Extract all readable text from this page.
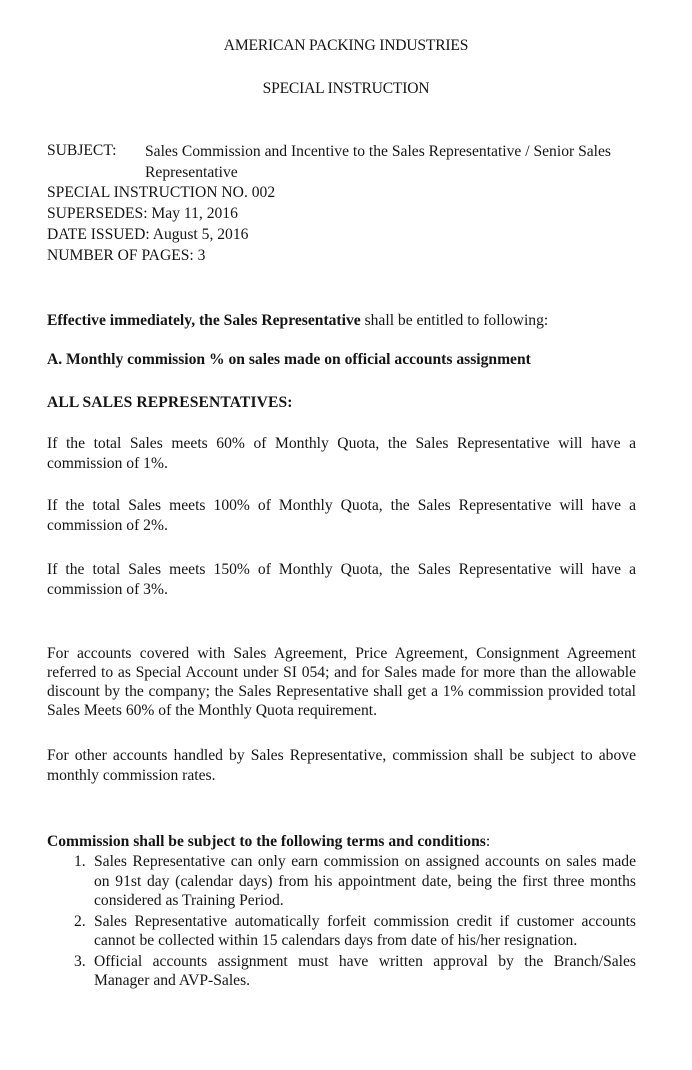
AMERICAN PACKING INDUSTRIES
SPECIAL INSTRUCTION
SUBJECT:	Sales Commission and Incentive to the Sales Representative / Senior Sales Representative
SPECIAL INSTRUCTION NO. 002
SUPERSEDES: May 11, 2016
DATE ISSUED: August 5, 2016
NUMBER OF PAGES: 3
Effective immediately, the Sales Representative shall be entitled to following:
A. Monthly commission % on sales made on official accounts assignment
ALL SALES REPRESENTATIVES:
If the total Sales meets 60% of Monthly Quota, the Sales Representative will have a commission of 1%.
If the total Sales meets 100% of Monthly Quota, the Sales Representative will have a commission of 2%.
If the total Sales meets 150% of Monthly Quota, the Sales Representative will have a commission of 3%.
For accounts covered with Sales Agreement, Price Agreement, Consignment Agreement referred to as Special Account under SI 054; and for Sales made for more than the allowable discount by the company; the Sales Representative shall get a 1% commission provided total Sales Meets 60% of the Monthly Quota requirement.
For other accounts handled by Sales Representative, commission shall be subject to above monthly commission rates.
Commission shall be subject to the following terms and conditions:
1. Sales Representative can only earn commission on assigned accounts on sales made on 91st day (calendar days) from his appointment date, being the first three months considered as Training Period.
2. Sales Representative automatically forfeit commission credit if customer accounts cannot be collected within 15 calendars days from date of his/her resignation.
3. Official accounts assignment must have written approval by the Branch/Sales Manager and AVP-Sales.
